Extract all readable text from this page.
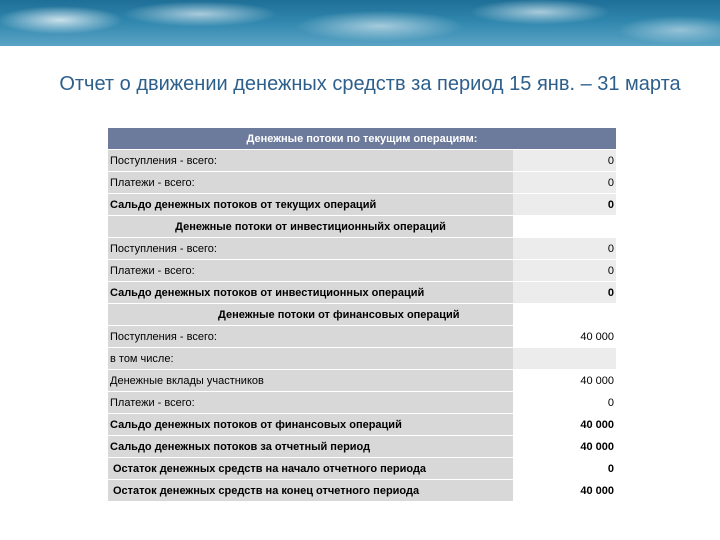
Отчет о движении денежных средств за период 15 янв. – 31 марта
Денежные потоки по текущим операциям:	
Поступления - всего:	0
Платежи - всего:	0
Сальдо денежных потоков от текущих операций	0
Денежные потоки от инвестиционныйх операций	
Поступления - всего:	0
Платежи - всего:	0
Сальдо денежных потоков от инвестиционных операций	0
Денежные потоки от финансовых операций	
Поступления - всего:	40 000
в том числе:	
Денежные вклады участников	40 000
Платежи - всего:	0
Сальдо денежных потоков от финансовых операций	40 000
Сальдо денежных потоков за отчетный период	40 000
Остаток денежных средств на начало отчетного периода	0
Остаток денежных средств на конец отчетного периода	40 000
